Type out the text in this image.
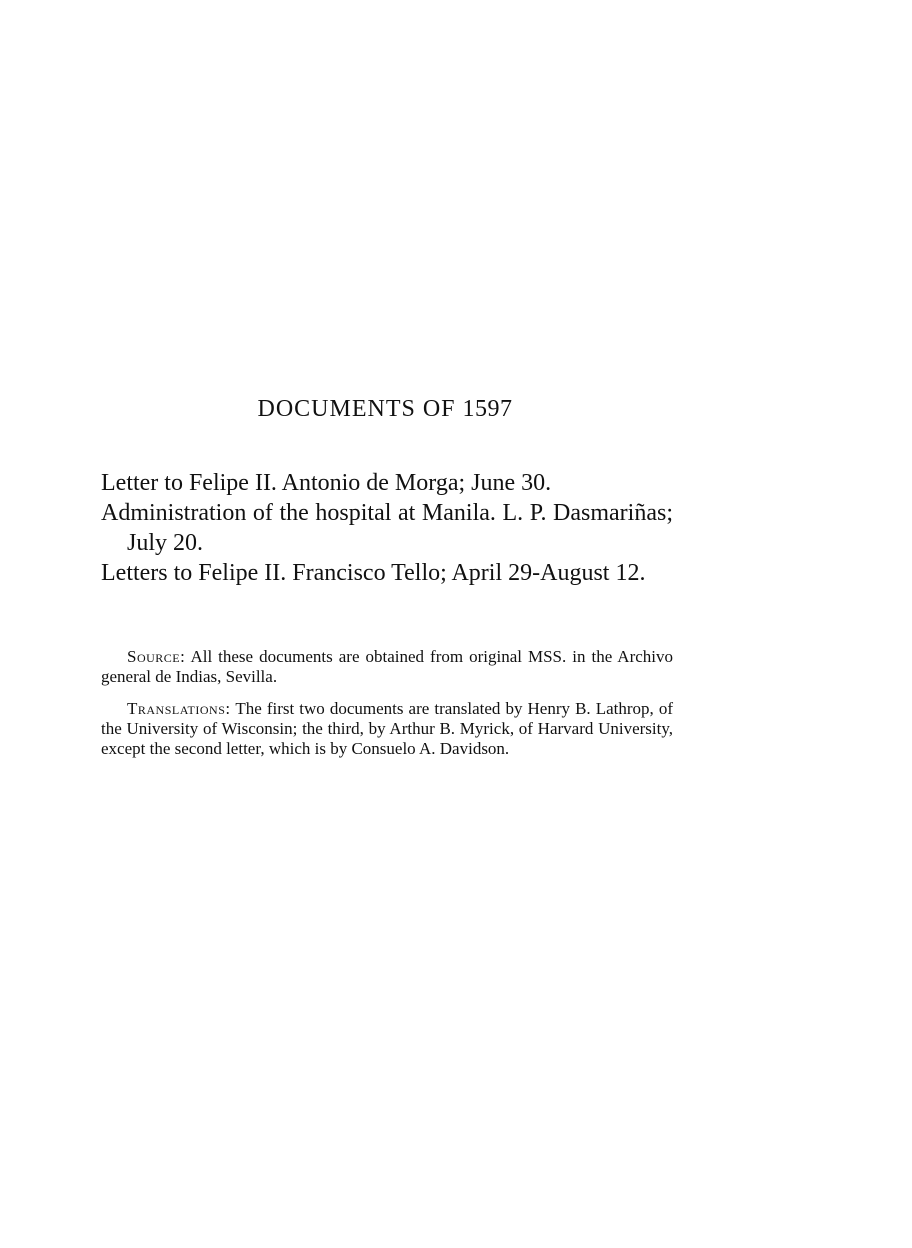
DOCUMENTS OF 1597
Letter to Felipe II. Antonio de Morga; June 30.
Administration of the hospital at Manila. L. P. Dasmariñas; July 20.
Letters to Felipe II. Francisco Tello; April 29-August 12.

Source: All these documents are obtained from original MSS. in the Archivo general de Indias, Sevilla.

Translations: The first two documents are translated by Henry B. Lathrop, of the University of Wisconsin; the third, by Arthur B. Myrick, of Harvard University, except the second letter, which is by Consuelo A. Davidson.
